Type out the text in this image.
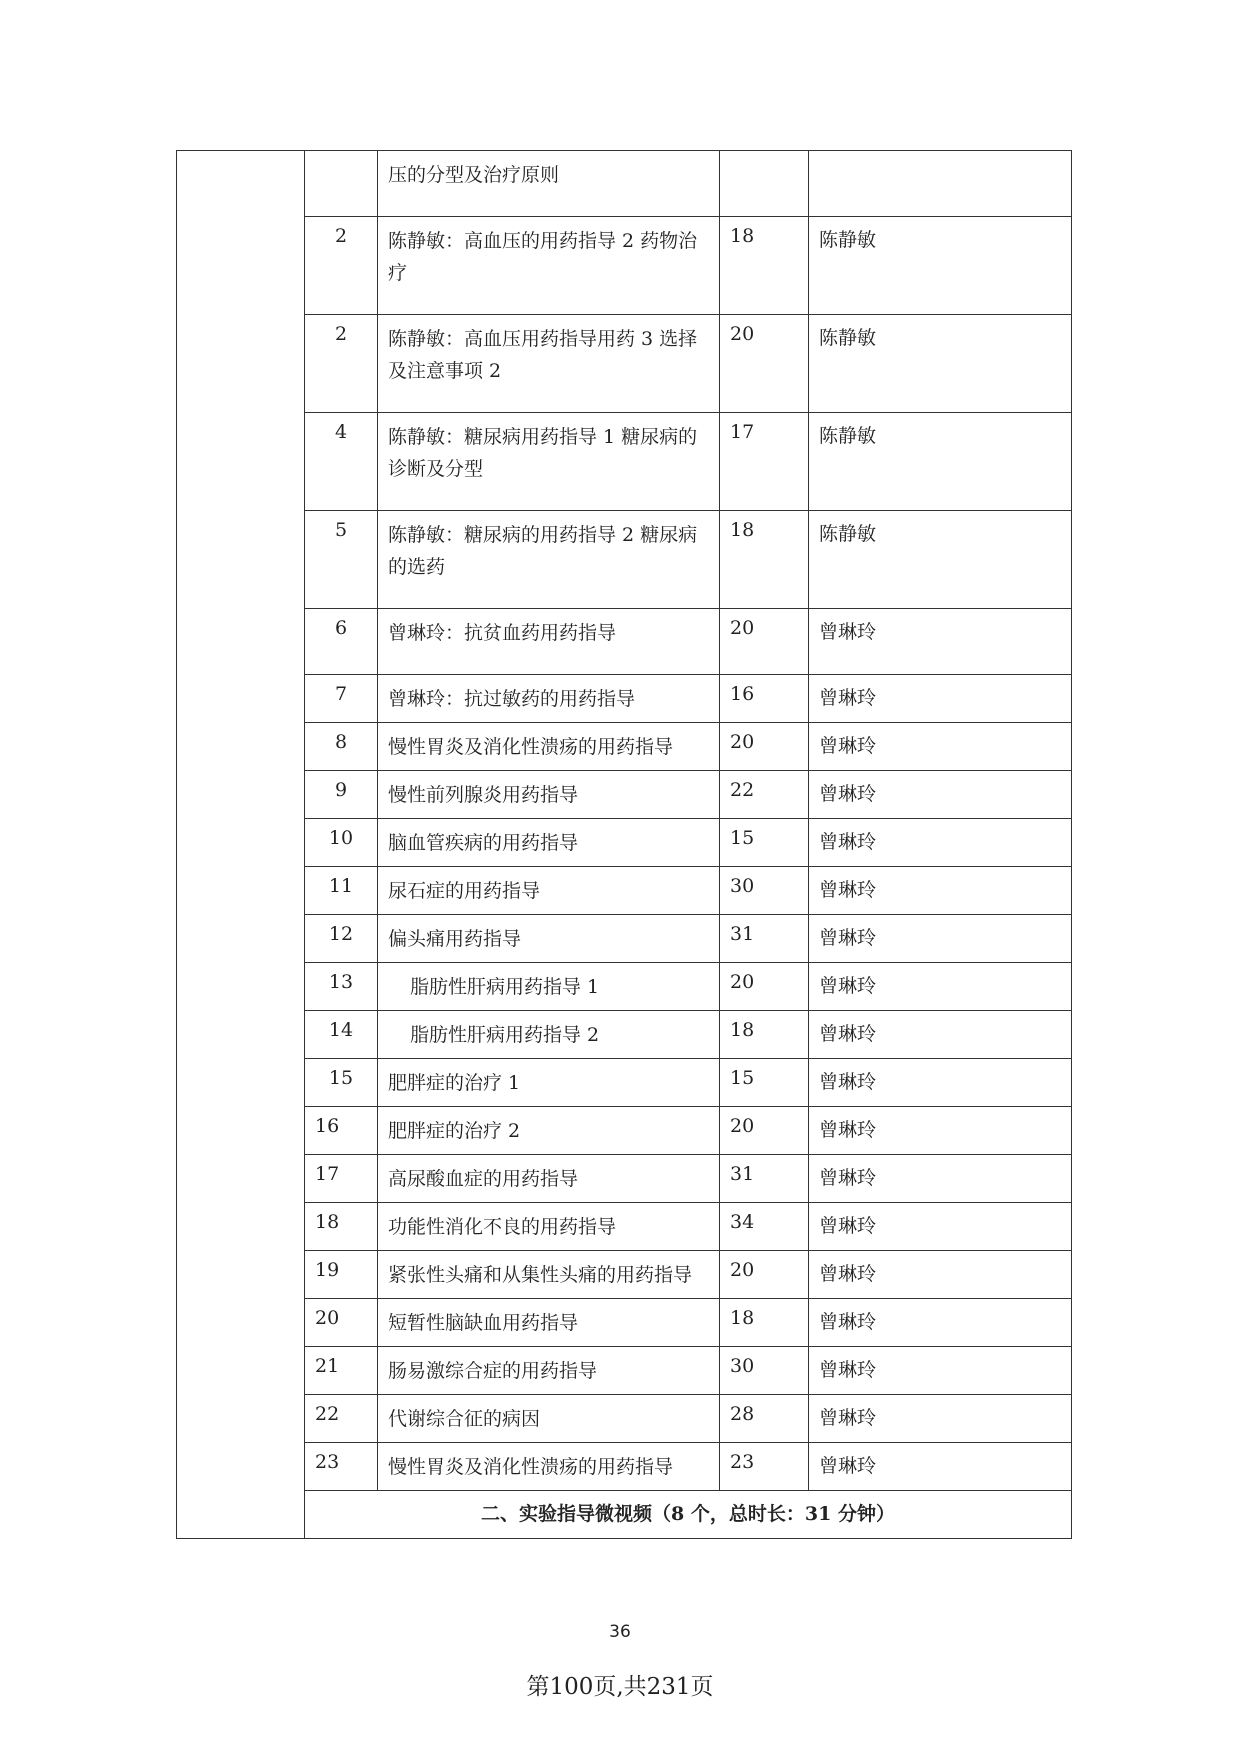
		压的分型及治疗原则		
	2	陈静敏：高血压的用药指导 2 药物治疗	18	陈静敏
	2	陈静敏：高血压用药指导用药 3 选择及注意事项 2	20	陈静敏
	4	陈静敏：糖尿病用药指导 1 糖尿病的诊断及分型	17	陈静敏
	5	陈静敏：糖尿病的用药指导 2 糖尿病的选药	18	陈静敏
	6	曾琳玲：抗贫血药用药指导	20	曾琳玲
	7	曾琳玲：抗过敏药的用药指导	16	曾琳玲
	8	慢性胃炎及消化性溃疡的用药指导	20	曾琳玲
	9	慢性前列腺炎用药指导	22	曾琳玲
	10	脑血管疾病的用药指导	15	曾琳玲
	11	尿石症的用药指导	30	曾琳玲
	12	偏头痛用药指导	31	曾琳玲
	13	脂肪性肝病用药指导 1	20	曾琳玲
	14	脂肪性肝病用药指导 2	18	曾琳玲
	15	肥胖症的治疗 1	15	曾琳玲
	16	肥胖症的治疗 2	20	曾琳玲
	17	高尿酸血症的用药指导	31	曾琳玲
	18	功能性消化不良的用药指导	34	曾琳玲
	19	紧张性头痛和从集性头痛的用药指导	20	曾琳玲
	20	短暂性脑缺血用药指导	18	曾琳玲
	21	肠易激综合症的用药指导	30	曾琳玲
	22	代谢综合征的病因	28	曾琳玲
	23	慢性胃炎及消化性溃疡的用药指导	23	曾琳玲
	二、实验指导微视频（8 个，总时长：31 分钟）			
36
第100页,共231页
